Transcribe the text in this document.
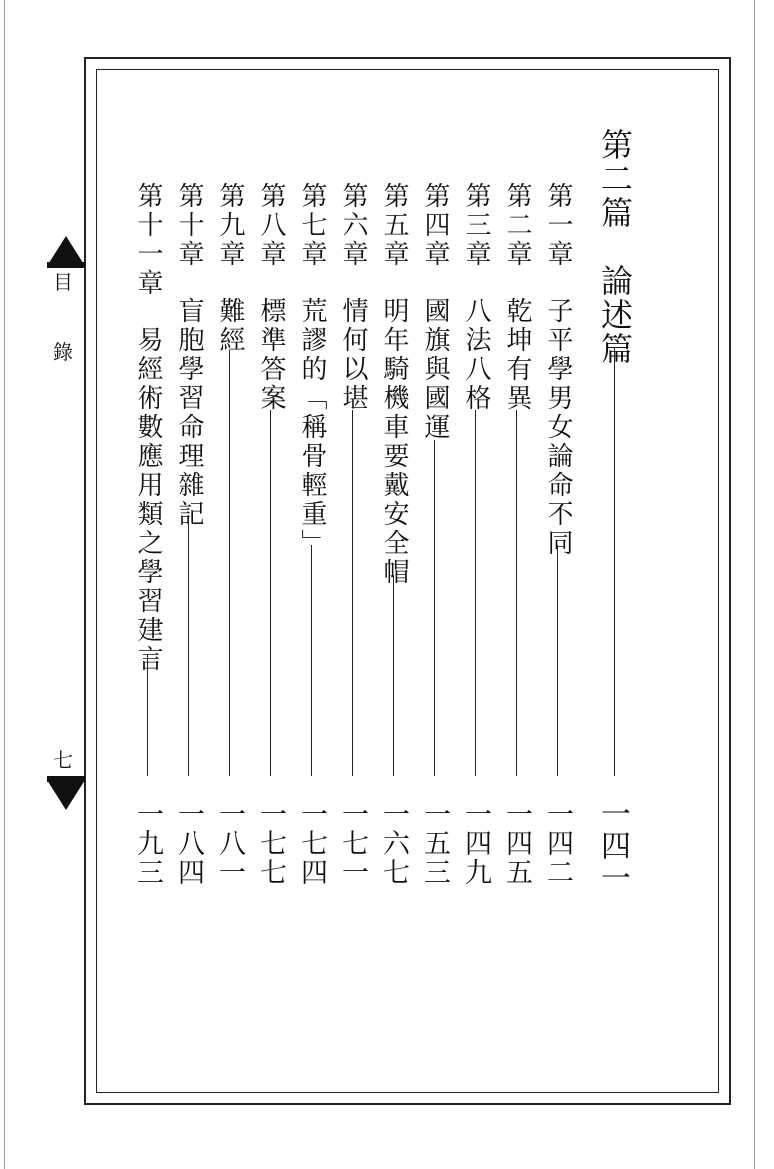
第二篇論述篇
一四一
第一章子平學男女論命不同
一四二
第二章乾坤有異
一四五
第三章八法八格
一四九
第四章國旗與國運
一五三
第五章明年騎機車要戴安全帽
一六七
第六章情何以堪
一七一
第七章荒謬的「稱骨輕重」
一七四
第八章標準答案
一七七
第九章難經
一八一
第十章盲胞學習命理雜記
一八四
第十一章易經術數應用類之學習建言
一九三
目
錄
七
